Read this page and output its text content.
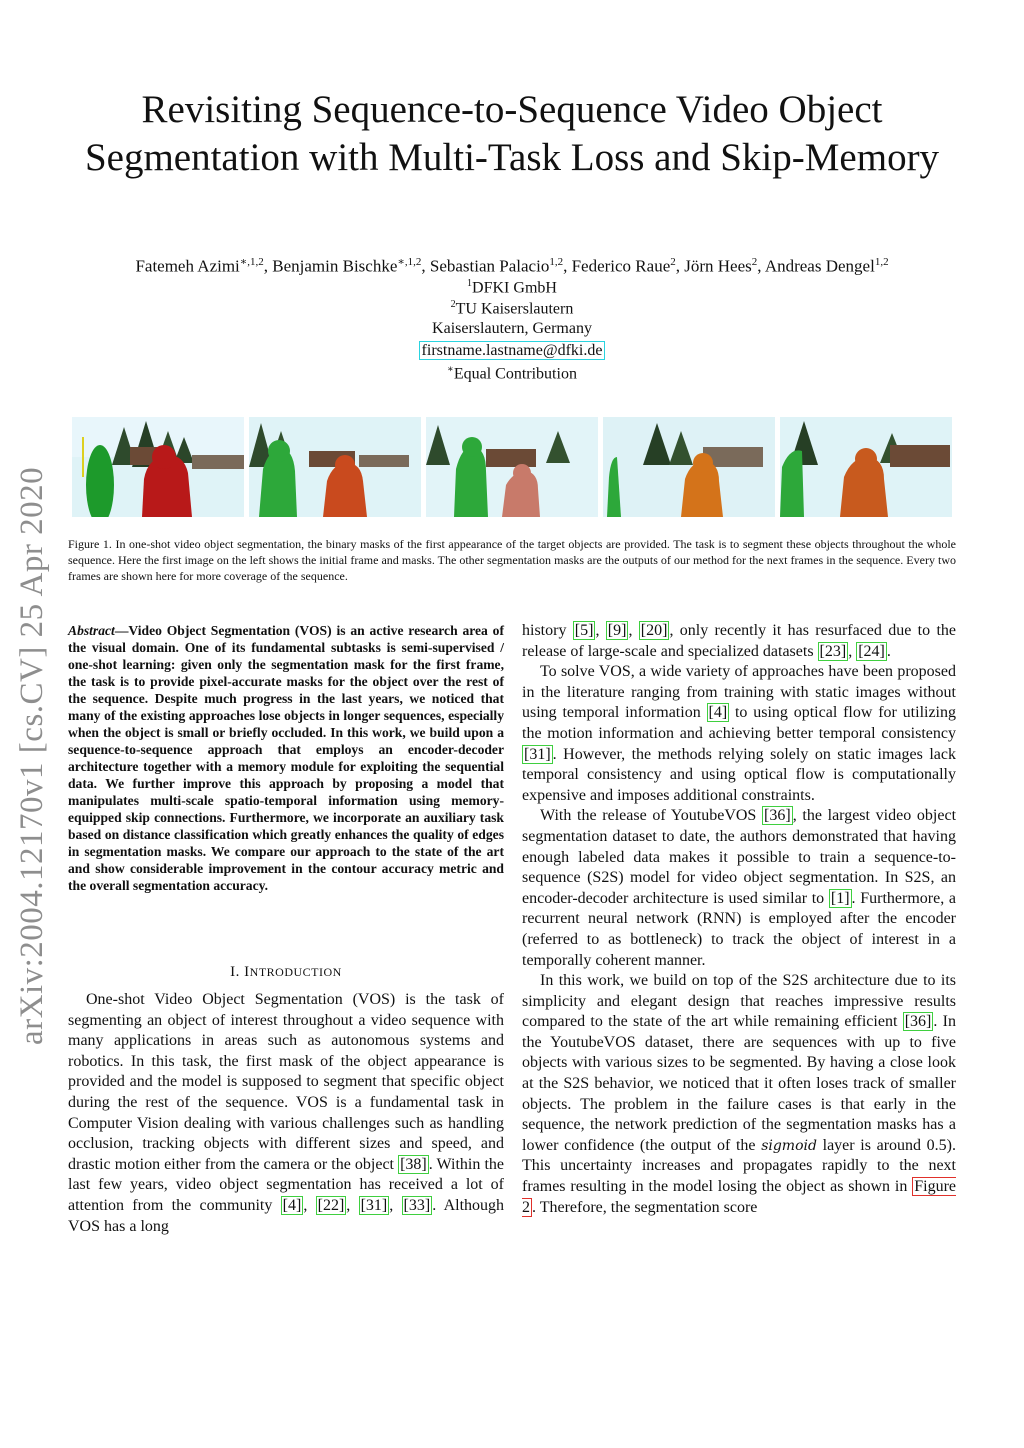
arXiv:2004.12170v1 [cs.CV] 25 Apr 2020
Revisiting Sequence-to-Sequence Video Object Segmentation with Multi-Task Loss and Skip-Memory
Fatemeh Azimi$^{∗,1,2}$, Benjamin Bischke$^{∗,1,2}$, Sebastian Palacio$^{1,2}$, Federico Raue$^2$, Jörn Hees$^2$, Andreas Dengel$^{1,2}$
$^1$DFKI GmbH
$^2$TU Kaiserslautern
Kaiserslautern, Germany
firstname.lastname@dfki.de
∗Equal Contribution
Figure 1. In one-shot video object segmentation, the binary masks of the first appearance of the target objects are provided. The task is to segment these objects throughout the whole sequence. Here the first image on the left shows the initial frame and masks. The other segmentation masks are the outputs of our method for the next frames in the sequence. Every two frames are shown here for more coverage of the sequence.
Abstract—Video Object Segmentation (VOS) is an active research area of the visual domain. One of its fundamental subtasks is semi-supervised / one-shot learning: given only the segmentation mask for the first frame, the task is to provide pixel-accurate masks for the object over the rest of the sequence. Despite much progress in the last years, we noticed that many of the existing approaches lose objects in longer sequences, especially when the object is small or briefly occluded. In this work, we build upon a sequence-to-sequence approach that employs an encoder-decoder architecture together with a memory module for exploiting the sequential data. We further improve this approach by proposing a model that manipulates multi-scale spatio-temporal information using memory-equipped skip connections. Furthermore, we incorporate an auxiliary task based on distance classification which greatly enhances the quality of edges in segmentation masks. We compare our approach to the state of the art and show considerable improvement in the contour accuracy metric and the overall segmentation accuracy.
I. INTRODUCTION

One-shot Video Object Segmentation (VOS) is the task of segmenting an object of interest throughout a video sequence with many applications in areas such as autonomous systems and robotics. In this task, the first mask of the object appearance is provided and the model is supposed to segment that specific object during the rest of the sequence. VOS is a fundamental task in Computer Vision dealing with various challenges such as handling occlusion, tracking objects with different sizes and speed, and drastic motion either from the camera or the object [38] . Within the last few years, video object segmentation has received a lot of attention from the community [4] , [22] , [31] , [33] . Although VOS has a long

history [5] , [9] , [20] , only recently it has resurfaced due to the release of large-scale and specialized datasets [23] , [24] .

To solve VOS, a wide variety of approaches have been proposed in the literature ranging from training with static images without using temporal information [4] to using optical flow for utilizing the motion information and achieving better temporal consistency [31] . However, the methods relying solely on static images lack temporal consistency and using optical flow is computationally expensive and imposes additional constraints.

With the release of YoutubeVOS [36] , the largest video object segmentation dataset to date, the authors demonstrated that having enough labeled data makes it possible to train a sequence-to-sequence (S2S) model for video object segmentation. In S2S, an encoder-decoder architecture is used similar to [1] . Furthermore, a recurrent neural network (RNN) is employed after the encoder (referred to as bottleneck) to track the object of interest in a temporally coherent manner.

In this work, we build on top of the S2S architecture due to its simplicity and elegant design that reaches impressive results compared to the state of the art while remaining efficient [36] . In the YoutubeVOS dataset, there are sequences with up to five objects with various sizes to be segmented. By having a close look at the S2S behavior, we noticed that it often loses track of smaller objects. The problem in the failure cases is that early in the sequence, the network prediction of the segmentation masks has a lower confidence (the output of the sigmoid layer is around 0.5). This uncertainty increases and propagates rapidly to the next frames resulting in the model losing the object as shown in Figure 2 . Therefore, the segmentation score
